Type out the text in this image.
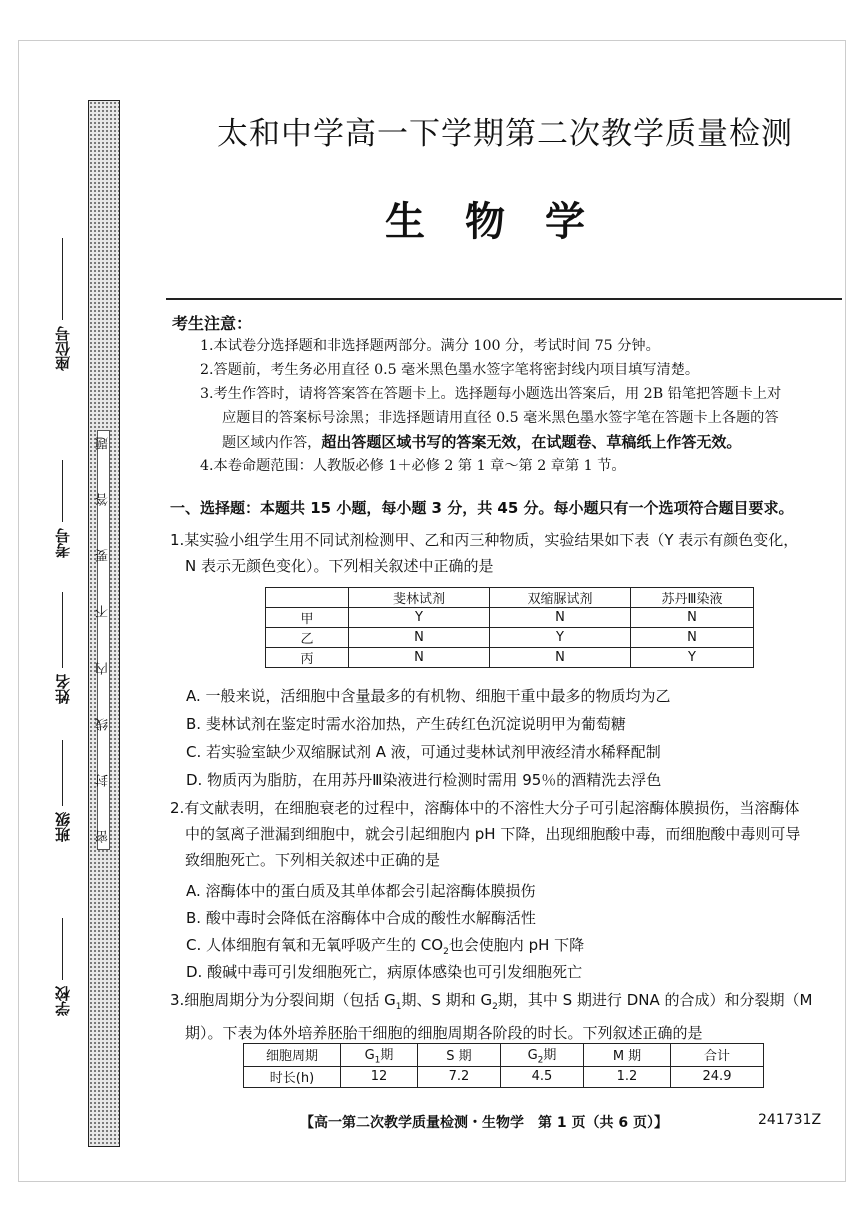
题
答
要
不
内
线
封
密
座位号
考号
姓名
班级
学校
太和中学高一下学期第二次教学质量检测
生物学
考生注意：
1.本试卷分选择题和非选择题两部分。满分 100 分，考试时间 75 分钟。
2.答题前，考生务必用直径 0.5 毫米黑色墨水签字笔将密封线内项目填写清楚。
3.考生作答时，请将答案答在答题卡上。选择题每小题选出答案后，用 2B 铅笔把答题卡上对
应题目的答案标号涂黑；非选择题请用直径 0.5 毫米黑色墨水签字笔在答题卡上各题的答
题区域内作答，超出答题区域书写的答案无效，在试题卷、草稿纸上作答无效。
4.本卷命题范围：人教版必修 1＋必修 2 第 1 章～第 2 章第 1 节。
一、选择题：本题共 15 小题，每小题 3 分，共 45 分。每小题只有一个选项符合题目要求。
1.某实验小组学生用不同试剂检测甲、乙和丙三种物质，实验结果如下表（Y 表示有颜色变化，
N 表示无颜色变化）。下列相关叙述中正确的是
	斐林试剂	双缩脲试剂	苏丹Ⅲ染液
甲	Y	N	N
乙	N	Y	N
丙	N	N	Y
A. 一般来说，活细胞中含量最多的有机物、细胞干重中最多的物质均为乙
B. 斐林试剂在鉴定时需水浴加热，产生砖红色沉淀说明甲为葡萄糖
C. 若实验室缺少双缩脲试剂 A 液，可通过斐林试剂甲液经清水稀释配制
D. 物质丙为脂肪，在用苏丹Ⅲ染液进行检测时需用 95％的酒精洗去浮色
2.有文献表明，在细胞衰老的过程中，溶酶体中的不溶性大分子可引起溶酶体膜损伤，当溶酶体
中的氢离子泄漏到细胞中，就会引起细胞内 pH 下降，出现细胞酸中毒，而细胞酸中毒则可导
致细胞死亡。下列相关叙述中正确的是
A. 溶酶体中的蛋白质及其单体都会引起溶酶体膜损伤
B. 酸中毒时会降低在溶酶体中合成的酸性水解酶活性
C. 人体细胞有氧和无氧呼吸产生的 $CO_2$也会使胞内 pH 下降
D. 酸碱中毒可引发细胞死亡，病原体感染也可引发细胞死亡
3.细胞周期分为分裂间期（包括 $G_1$期、S 期和 $G_2$期，其中 S 期进行 DNA 的合成）和分裂期（M
期）。下表为体外培养胚胎干细胞的细胞周期各阶段的时长。下列叙述正确的是
细胞周期	$G_1$期	S 期	$G_2$期	M 期	合计
时长(h)	12	7.2	4.5	1.2	24.9
【高一第二次教学质量检测・生物学　第 1 页（共 6 页）】	241731Z
